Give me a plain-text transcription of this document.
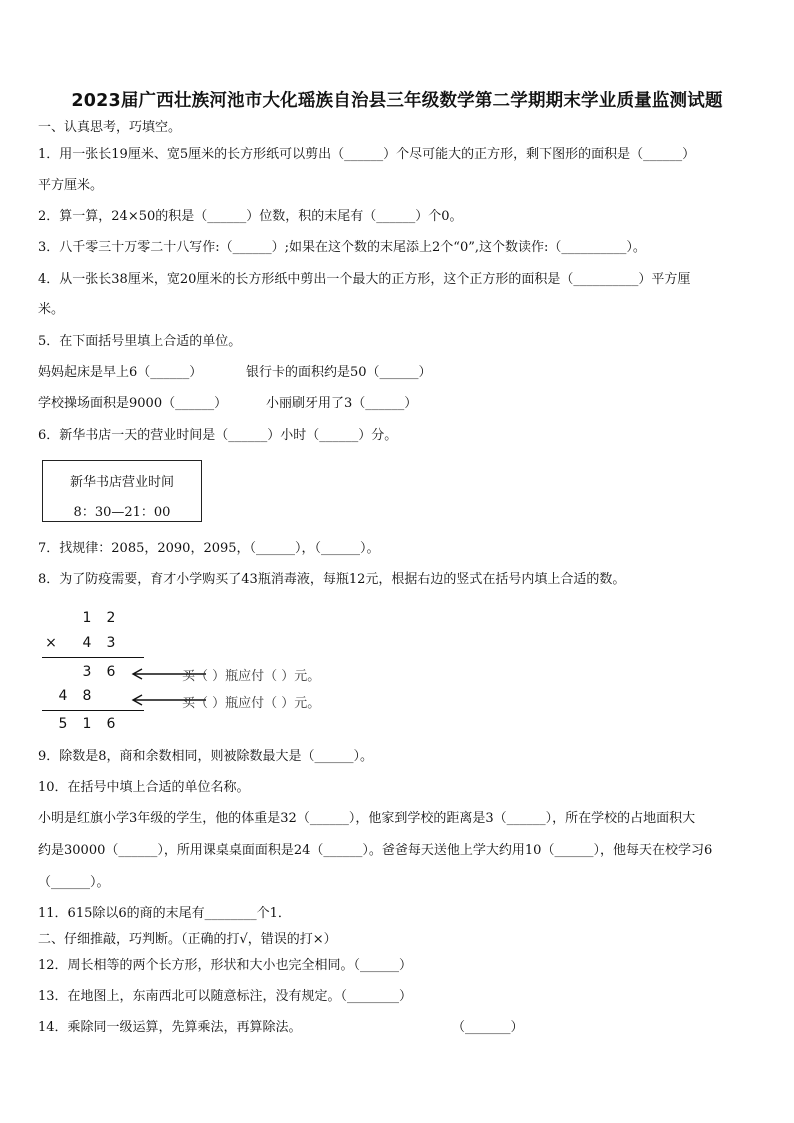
2023届广西壮族河池市大化瑶族自治县三年级数学第二学期期末学业质量监测试题
一、认真思考，巧填空。
1．用一张长19厘米、宽5厘米的长方形纸可以剪出（______）个尽可能大的正方形，剩下图形的面积是（______）
平方厘米。
2．算一算，24×50的积是（______）位数，积的末尾有（______）个0。
3．八千零三十万零二十八写作:（______）;如果在这个数的末尾添上2个“0”,这个数读作:（__________）。
4．从一张长38厘米，宽20厘米的长方形纸中剪出一个最大的正方形，这个正方形的面积是（__________）平方厘
米。
5．在下面括号里填上合适的单位。
妈妈起床是早上6（______）	银行卡的面积约是50（______）
学校操场面积是9000（______）	小丽刷牙用了3（______）
6．新华书店一天的营业时间是（______）小时（______）分。
新华书店营业时间
8：30—21：00
7．找规律：2085，2090，2095，（______），（______）。
8．为了防疫需要，育才小学购买了43瓶消毒液，每瓶12元，根据右边的竖式在括号内填上合适的数。
1 2
× 4 3
3 6	买（ ）瓶应付（ ）元。
4 8	买（ ）瓶应付（ ）元。
5 1 6
9．除数是8，商和余数相同，则被除数最大是（______）。
10．在括号中填上合适的单位名称。
小明是红旗小学3年级的学生，他的体重是32（______），他家到学校的距离是3（______），所在学校的占地面积大
约是30000（______），所用课桌桌面面积是24（______）。爸爸每天送他上学大约用10（______），他每天在校学习6
（______）。
11．615除以6的商的末尾有________个1．
二、仔细推敲，巧判断。（正确的打√，错误的打×）
12．周长相等的两个长方形，形状和大小也完全相同。（______）
13．在地图上，东南西北可以随意标注，没有规定。（________）
14．乘除同一级运算，先算乘法，再算除法。	（_______）
